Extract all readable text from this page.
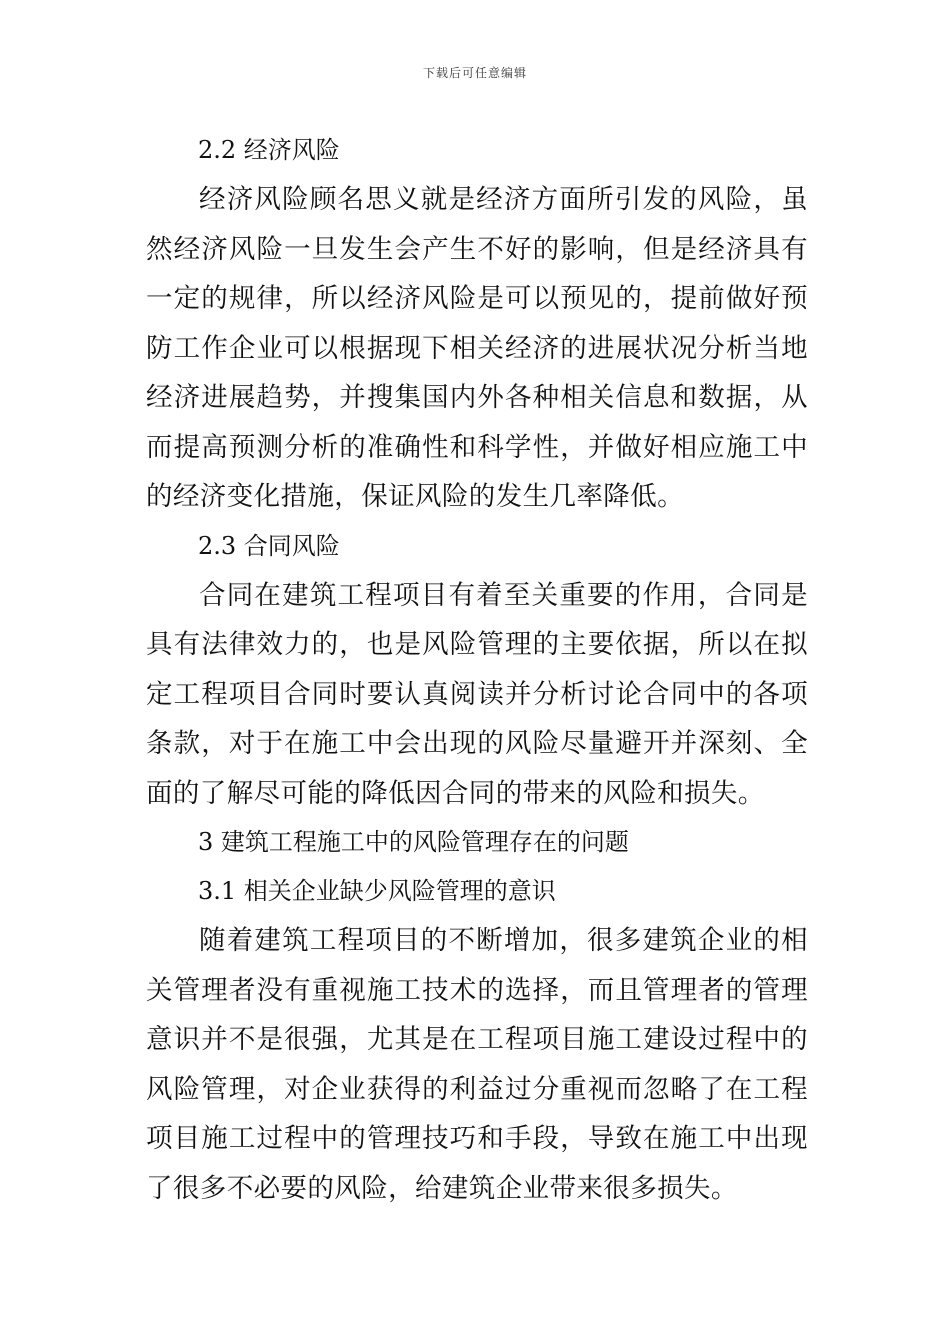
下载后可任意编辑

2.2 经济风险

经济风险顾名思义就是经济方面所引发的风险，虽然经济风险一旦发生会产生不好的影响，但是经济具有一定的规律，所以经济风险是可以预见的，提前做好预防工作企业可以根据现下相关经济的进展状况分析当地经济进展趋势，并搜集国内外各种相关信息和数据，从而提高预测分析的准确性和科学性，并做好相应施工中的经济变化措施，保证风险的发生几率降低。

2.3 合同风险

合同在建筑工程项目有着至关重要的作用，合同是具有法律效力的，也是风险管理的主要依据，所以在拟定工程项目合同时要认真阅读并分析讨论合同中的各项条款，对于在施工中会出现的风险尽量避开并深刻、全面的了解尽可能的降低因合同的带来的风险和损失。

3 建筑工程施工中的风险管理存在的问题

3.1 相关企业缺少风险管理的意识

随着建筑工程项目的不断增加，很多建筑企业的相关管理者没有重视施工技术的选择，而且管理者的管理意识并不是很强，尤其是在工程项目施工建设过程中的风险管理，对企业获得的利益过分重视而忽略了在工程项目施工过程中的管理技巧和手段，导致在施工中出现了很多不必要的风险，给建筑企业带来很多损失。
